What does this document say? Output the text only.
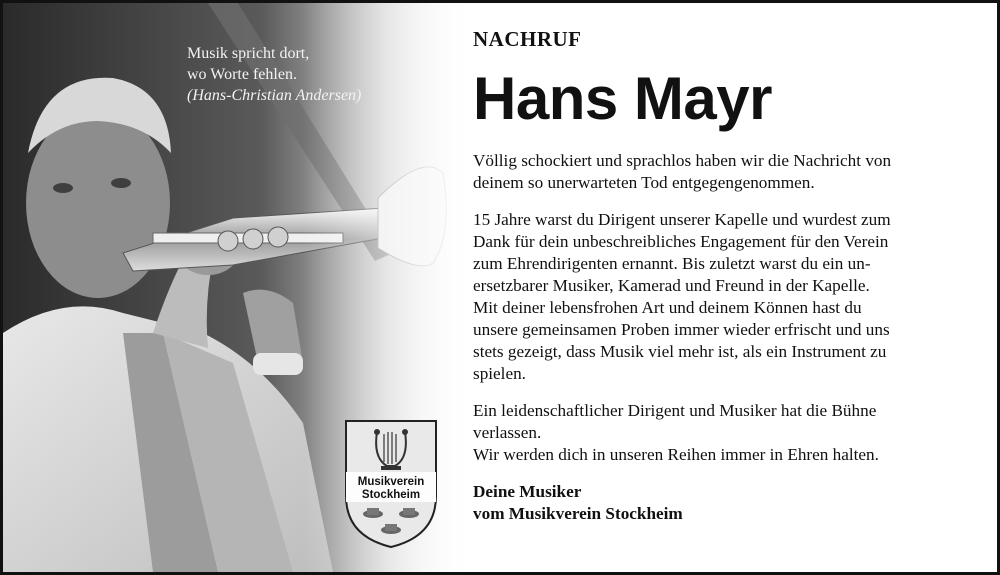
Musik spricht dort,
wo Worte fehlen.
(Hans-Christian Andersen)
Musikverein
Stockheim
NACHRUF
Hans Mayr

Völlig schockiert und sprachlos haben wir die Nachricht von
deinem so unerwarteten Tod entgegengenommen.

15 Jahre warst du Dirigent unserer Kapelle und wurdest zum
Dank für dein unbeschreibliches Engagement für den Verein
zum Ehrendirigenten ernannt. Bis zuletzt warst du ein un-
ersetzbarer Musiker, Kamerad und Freund in der Kapelle.
Mit deiner lebensfrohen Art und deinem Können hast du
unsere gemeinsamen Proben immer wieder erfrischt und uns
stets gezeigt, dass Musik viel mehr ist, als ein Instrument zu
spielen.

Ein leidenschaftlicher Dirigent und Musiker hat die Bühne
verlassen.
Wir werden dich in unseren Reihen immer in Ehren halten.

Deine Musiker
vom Musikverein Stockheim
